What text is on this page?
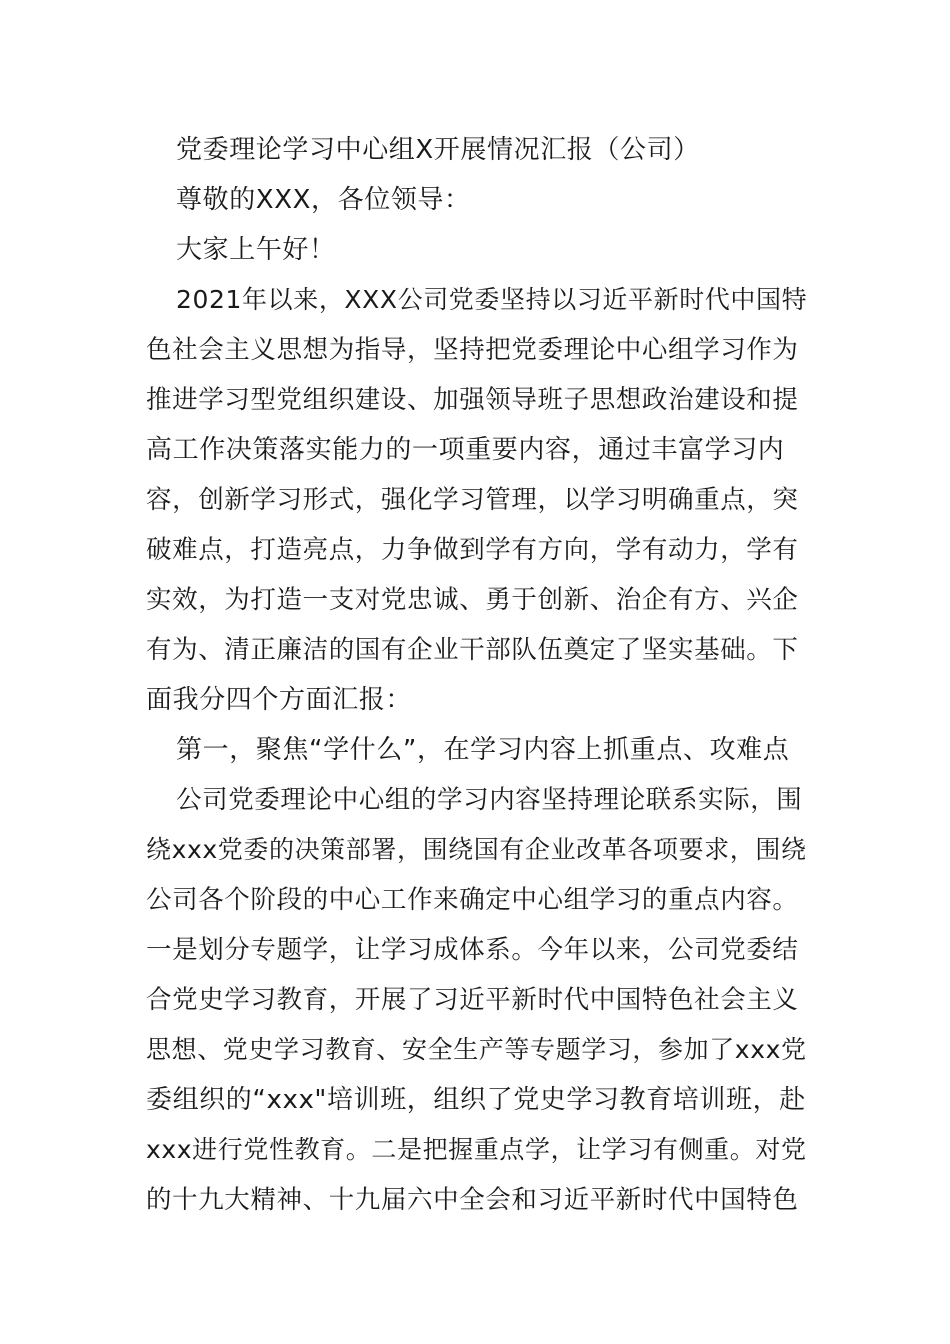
党委理论学习中心组X开展情况汇报（公司）
尊敬的XXX，各位领导：
大家上午好！
2021年以来，XXX公司党委坚持以习近平新时代中国特
色社会主义思想为指导，坚持把党委理论中心组学习作为
推进学习型党组织建设、加强领导班子思想政治建设和提
高工作决策落实能力的一项重要内容，通过丰富学习内
容，创新学习形式，强化学习管理，以学习明确重点，突
破难点，打造亮点，力争做到学有方向，学有动力，学有
实效，为打造一支对党忠诚、勇于创新、治企有方、兴企
有为、清正廉洁的国有企业干部队伍奠定了坚实基础。下
面我分四个方面汇报：
第一，聚焦“学什么”，在学习内容上抓重点、攻难点
公司党委理论中心组的学习内容坚持理论联系实际，围
绕xxx党委的决策部署，围绕国有企业改革各项要求，围绕
公司各个阶段的中心工作来确定中心组学习的重点内容。
一是划分专题学，让学习成体系。今年以来，公司党委结
合党史学习教育，开展了习近平新时代中国特色社会主义
思想、党史学习教育、安全生产等专题学习，参加了xxx党
委组织的“xxx"培训班，组织了党史学习教育培训班，赴
xxx进行党性教育。二是把握重点学，让学习有侧重。对党
的十九大精神、十九届六中全会和习近平新时代中国特色
